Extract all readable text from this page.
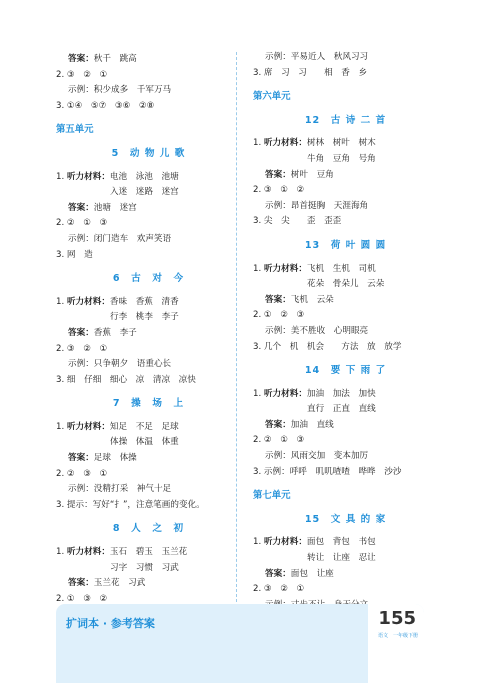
答案：秋千　跳高
2. ③　②　①
示例：积少成多　千军万马
3. ①④　⑤⑦　③⑥　②⑧
第五单元
5　动 物 儿 歌
1. 听力材料：电池　泳池　池塘
入迷　迷路　迷宫
答案：池塘　迷宫
2. ②　①　③
示例：闭门造车　欢声笑语
3. 网　造
6　古　对　今
1. 听力材料：香味　香蕉　清香
行李　桃李　李子
答案：香蕉　李子
2. ③　②　①
示例：只争朝夕　语重心长
3. 细　仔细　细心　凉　清凉　凉快
7　操　场　上
1. 听力材料：知足　不足　足球
体操　体温　体重
答案：足球　体操
2. ②　③　①
示例：没精打采　神气十足
3. 提示：写好“扌”，注意笔画的变化。
8　人　之　初
1. 听力材料：玉石　碧玉　玉兰花
习字　习惯　习武
答案：玉兰花　习武
2. ①　③　②
示例：平易近人　秋风习习
3. 席　习　习　　相　香　乡
第六单元
12　古 诗 二 首
1. 听力材料：树林　树叶　树木
牛角　豆角　号角
答案：树叶　豆角
2. ③　①　②
示例：昂首挺胸　天涯海角
3. 尖　尖　　歪　歪歪
13　荷 叶 圆 圆
1. 听力材料：飞机　生机　司机
花朵　骨朵儿　云朵
答案：飞机　云朵
2. ①　②　③
示例：美不胜收　心明眼亮
3. 几个　机　机会　　方法　放　放学
14　要 下 雨 了
1. 听力材料：加油　加法　加快
直行　正直　直线
答案：加油　直线
2. ②　①　③
示例：风雨交加　变本加厉
3. 示例：呼呼　叽叽喳喳　哗哗　沙沙
第七单元
15　文 具 的 家
1. 听力材料：面包　背包　书包
转让　让座　忍让
答案：面包　让座
2. ③　②　①
扩词本 · 参考答案	155
语文　一年级下册
